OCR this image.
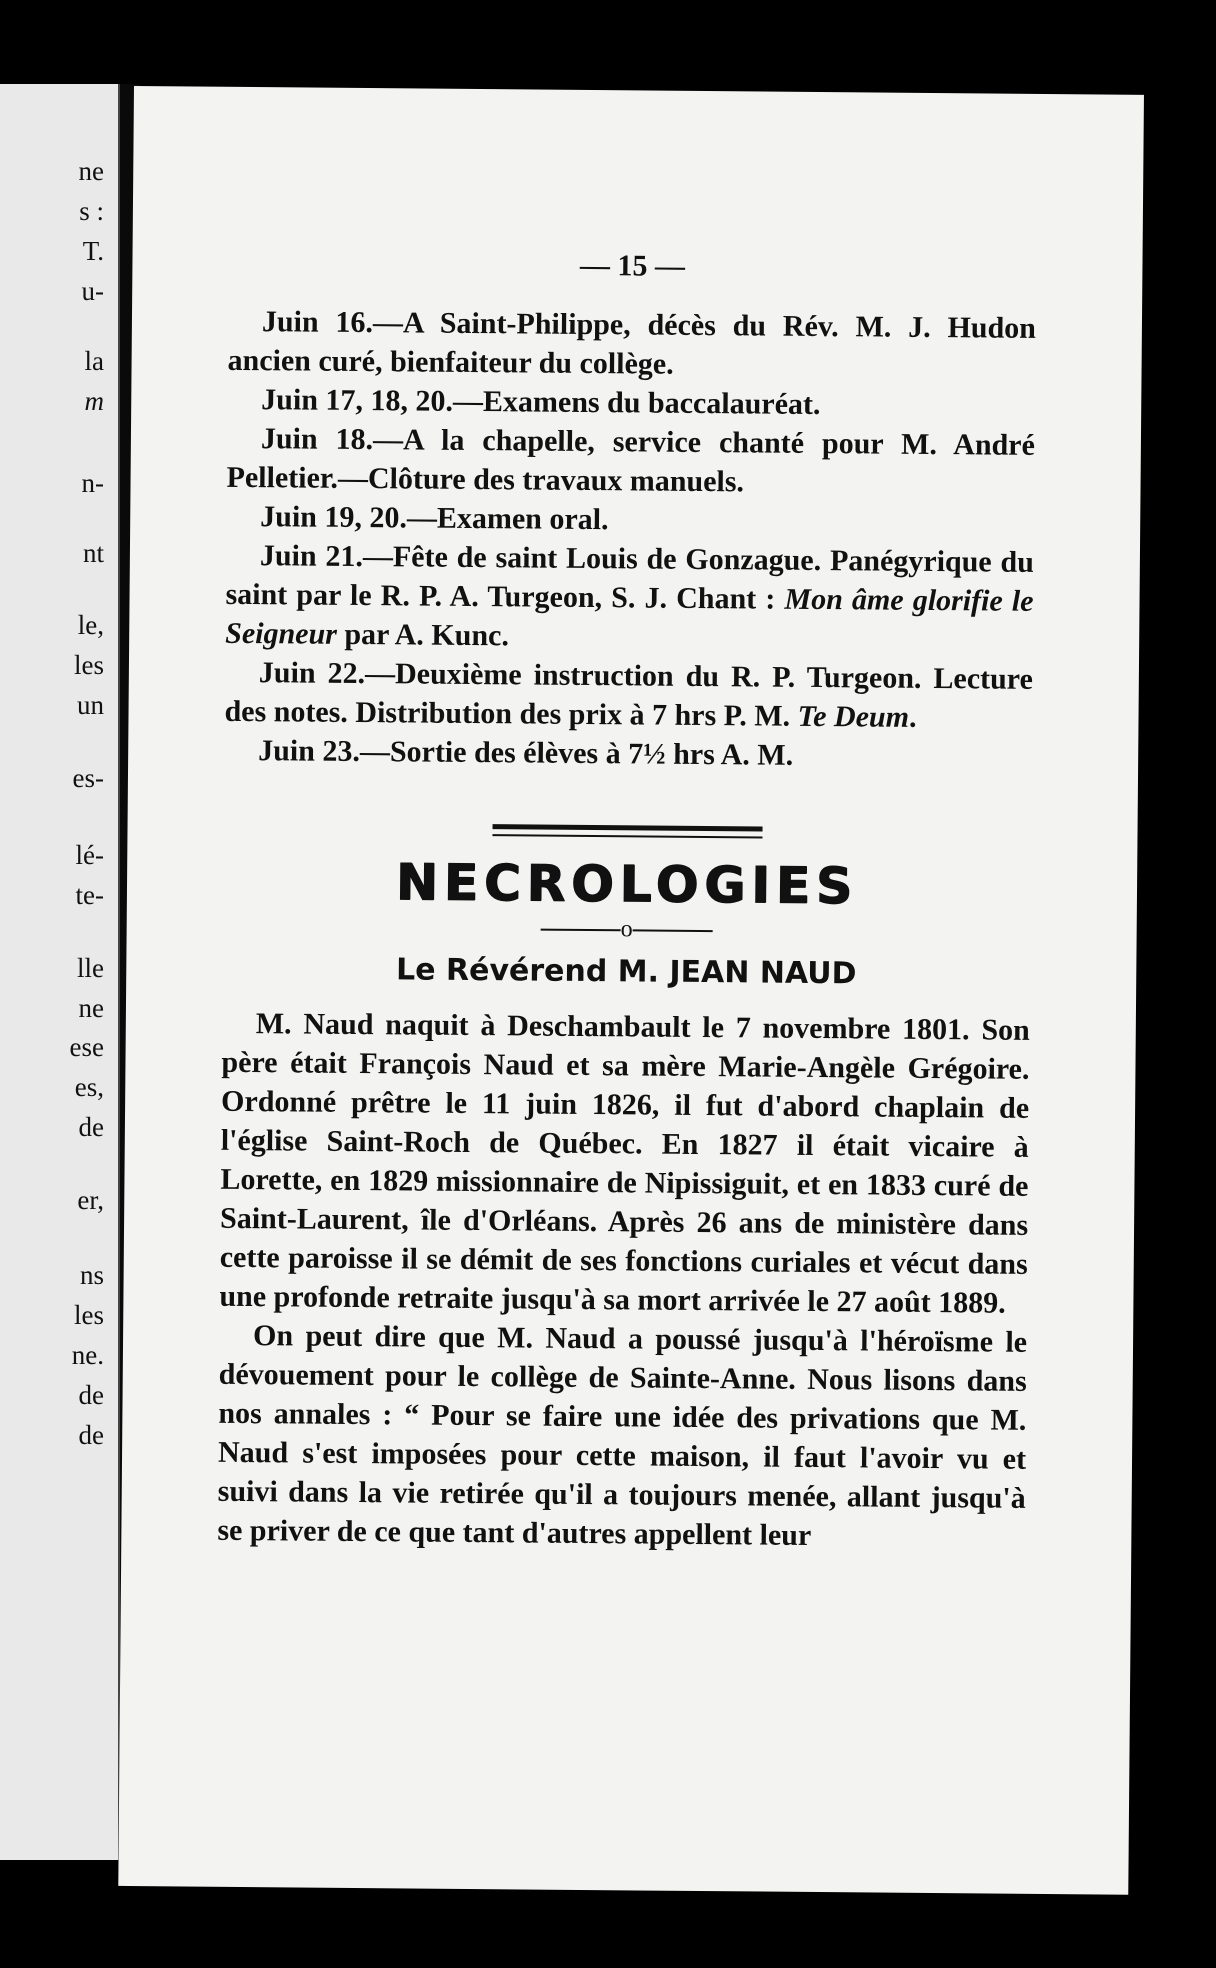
ne
s :
T.
u-
la
m
n-
nt
le,
les
un
es-
lé-
te-
lle
ne
ese
es,
de
er,
ns
les
ne.
de
de
— 15 —

Juin 16.—A Saint-Philippe, décès du Rév. M. J. Hudon ancien curé, bienfaiteur du collège.

Juin 17, 18, 20.—Examens du baccalauréat.

Juin 18.—A la chapelle, service chanté pour M. André Pelletier.—Clôture des travaux manuels.

Juin 19, 20.—Examen oral.

Juin 21.—Fête de saint Louis de Gonzague. Panégyrique du saint par le R. P. A. Turgeon, S. J. Chant : Mon âme glorifie le Seigneur par A. Kunc.

Juin 22.—Deuxième instruction du R. P. Turgeon. Lecture des notes. Distribution des prix à 7 hrs P. M. Te Deum.

Juin 23.—Sortie des élèves à 7½ hrs A. M.

NECROLOGIES
o
Le Révérend M. JEAN NAUD

M. Naud naquit à Deschambault le 7 novembre 1801. Son père était François Naud et sa mère Marie-Angèle Grégoire. Ordonné prêtre le 11 juin 1826, il fut d'abord chaplain de l'église Saint-Roch de Québec. En 1827 il était vicaire à Lorette, en 1829 missionnaire de Nipissiguit, et en 1833 curé de Saint-Laurent, île d'Orléans. Après 26 ans de ministère dans cette paroisse il se démit de ses fonctions curiales et vécut dans une profonde retraite jusqu'à sa mort arrivée le 27 août 1889.

On peut dire que M. Naud a poussé jusqu'à l'héroïsme le dévouement pour le collège de Sainte-Anne. Nous lisons dans nos annales : “ Pour se faire une idée des privations que M. Naud s'est imposées pour cette maison, il faut l'avoir vu et suivi dans la vie retirée qu'il a toujours menée, allant jusqu'à se priver de ce que tant d'autres appellent leur
